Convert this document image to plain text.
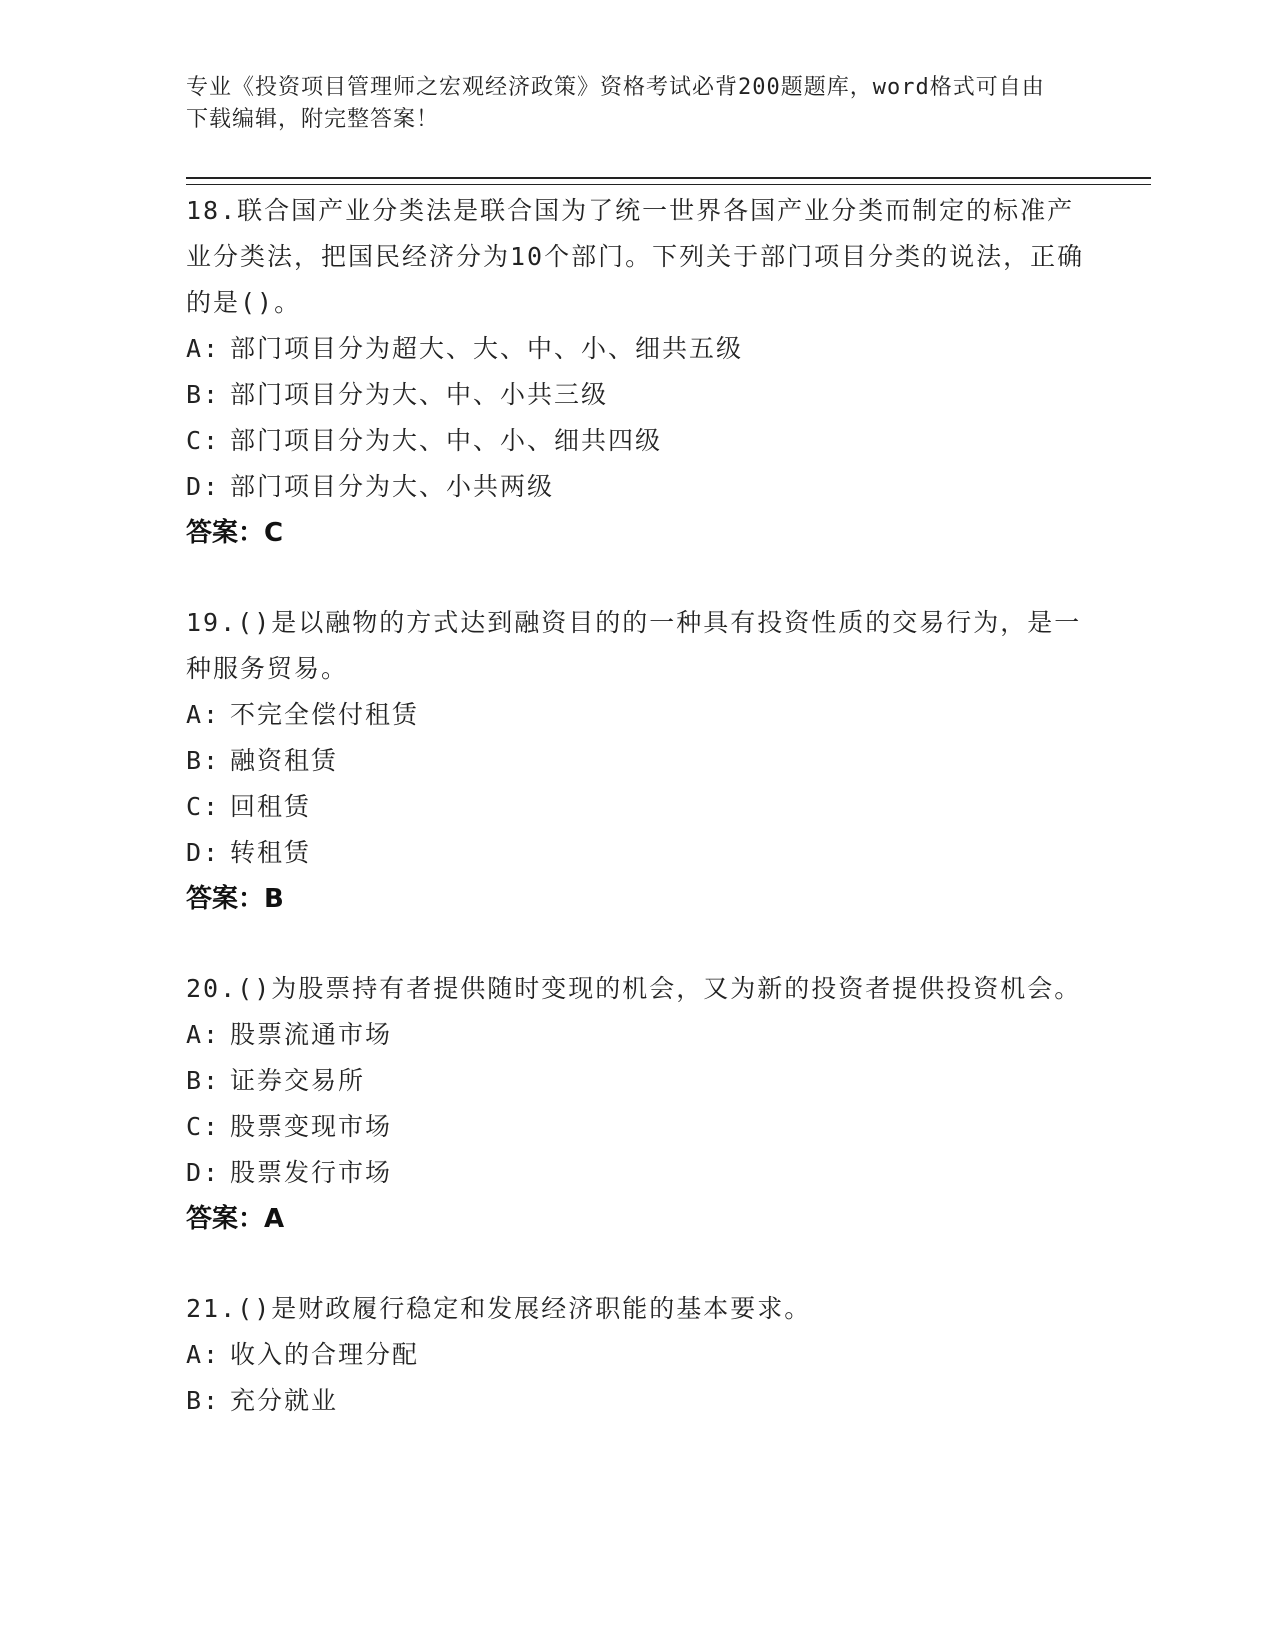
专业《投资项目管理师之宏观经济政策》资格考试必背200题题库，word格式可自由下载编辑，附完整答案！

18.联合国产业分类法是联合国为了统一世界各国产业分类而制定的标准产业分类法，把国民经济分为10个部门。下列关于部门项目分类的说法，正确的是()。

A: 部门项目分为超大、大、中、小、细共五级

B: 部门项目分为大、中、小共三级

C: 部门项目分为大、中、小、细共四级

D: 部门项目分为大、小共两级

答案：C

19.()是以融物的方式达到融资目的的一种具有投资性质的交易行为，是一种服务贸易。

A: 不完全偿付租赁

B: 融资租赁

C: 回租赁

D: 转租赁

答案：B

20.()为股票持有者提供随时变现的机会，又为新的投资者提供投资机会。

A: 股票流通市场

B: 证券交易所

C: 股票变现市场

D: 股票发行市场

答案：A

21.()是财政履行稳定和发展经济职能的基本要求。

A: 收入的合理分配

B: 充分就业
